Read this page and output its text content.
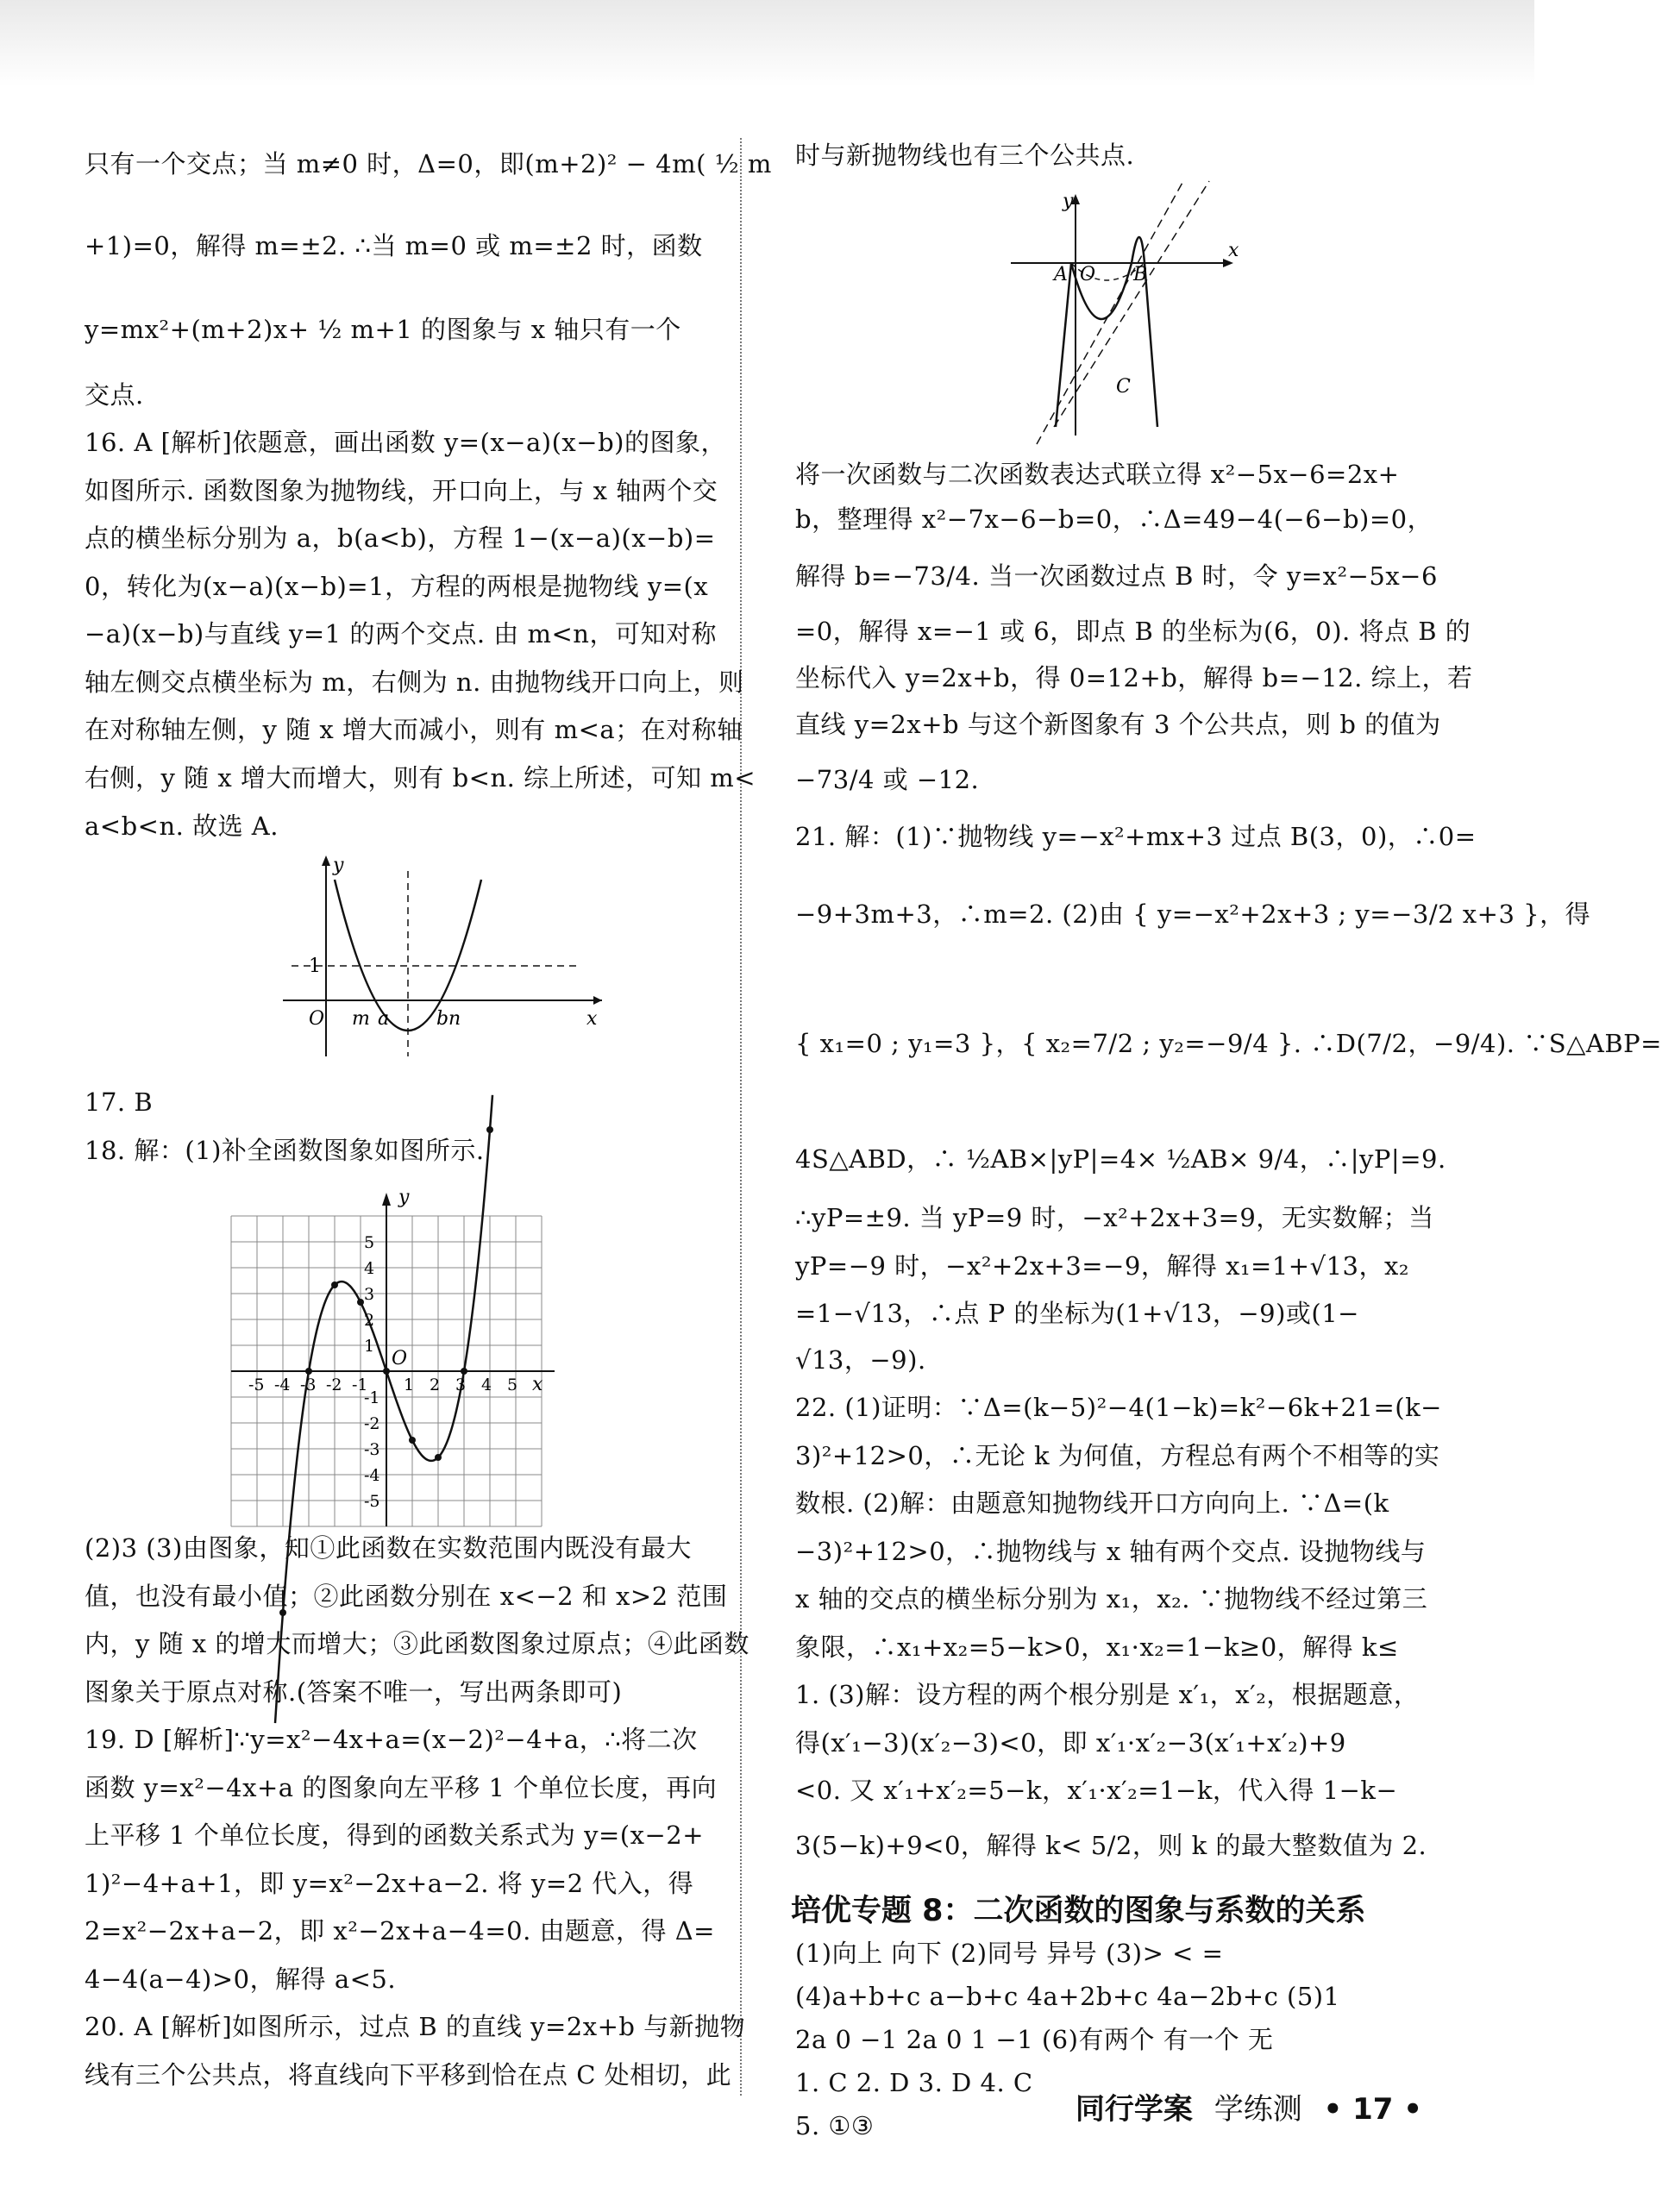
只有一个交点；当 m≠0 时，Δ=0，即(m+2)² − 4m( ½ m
+1)=0，解得 m=±2. ∴当 m=0 或 m=±2 时，函数
y=mx²+(m+2)x+ ½ m+1 的图象与 x 轴只有一个
交点.
16. A [解析]依题意，画出函数 y=(x−a)(x−b)的图象，
如图所示. 函数图象为抛物线，开口向上，与 x 轴两个交
点的横坐标分别为 a，b(a<b)，方程 1−(x−a)(x−b)=
0，转化为(x−a)(x−b)=1，方程的两根是抛物线 y=(x
−a)(x−b)与直线 y=1 的两个交点. 由 m<n，可知对称
轴左侧交点横坐标为 m，右侧为 n. 由抛物线开口向上，则
在对称轴左侧，y 随 x 增大而减小，则有 m<a；在对称轴
右侧，y 随 x 增大而增大，则有 b<n. 综上所述，可知 m<
a<b<n. 故选 A.
y
x
1
O m a b n
17. B
18. 解：(1)补全函数图象如图所示.
-5 -4 -3 -2 -1 1 2 3 4 5
5
4
3
2
1
-1
-2
-3
-4
-5
O
y
x
(2)3 (3)由图象，知①此函数在实数范围内既没有最大
值，也没有最小值；②此函数分别在 x<−2 和 x>2 范围
内，y 随 x 的增大而增大；③此函数图象过原点；④此函数
图象关于原点对称.(答案不唯一，写出两条即可)
19. D [解析]∵y=x²−4x+a=(x−2)²−4+a，∴将二次
函数 y=x²−4x+a 的图象向左平移 1 个单位长度，再向
上平移 1 个单位长度，得到的函数关系式为 y=(x−2+
1)²−4+a+1，即 y=x²−2x+a−2. 将 y=2 代入，得
2=x²−2x+a−2，即 x²−2x+a−4=0. 由题意，得 Δ=
4−4(a−4)>0，解得 a<5.
20. A [解析]如图所示，过点 B 的直线 y=2x+b 与新抛物
线有三个公共点，将直线向下平移到恰在点 C 处相切，此
时与新抛物线也有三个公共点.
y
x
A O B
C
将一次函数与二次函数表达式联立得 x²−5x−6=2x+
b，整理得 x²−7x−6−b=0，∴Δ=49−4(−6−b)=0，
解得 b=−73/4. 当一次函数过点 B 时，令 y=x²−5x−6
=0，解得 x=−1 或 6，即点 B 的坐标为(6，0). 将点 B 的
坐标代入 y=2x+b，得 0=12+b，解得 b=−12. 综上，若
直线 y=2x+b 与这个新图象有 3 个公共点，则 b 的值为
−73/4 或 −12.
21. 解：(1)∵抛物线 y=−x²+mx+3 过点 B(3，0)，∴0=
−9+3m+3，∴m=2. (2)由 { y=−x²+2x+3 ; y=−3/2 x+3 }，得
{ x₁=0 ; y₁=3 }，{ x₂=7/2 ; y₂=−9/4 }. ∴D(7/2，−9/4). ∵S△ABP=
4S△ABD，∴ ½AB×|yP|=4× ½AB× 9/4，∴|yP|=9.
∴yP=±9. 当 yP=9 时，−x²+2x+3=9，无实数解；当
yP=−9 时，−x²+2x+3=−9，解得 x₁=1+√13，x₂
=1−√13，∴点 P 的坐标为(1+√13，−9)或(1−
√13，−9).
22. (1)证明：∵Δ=(k−5)²−4(1−k)=k²−6k+21=(k−
3)²+12>0，∴无论 k 为何值，方程总有两个不相等的实
数根. (2)解：由题意知抛物线开口方向向上. ∵Δ=(k
−3)²+12>0，∴抛物线与 x 轴有两个交点. 设抛物线与
x 轴的交点的横坐标分别为 x₁，x₂. ∵抛物线不经过第三
象限，∴x₁+x₂=5−k>0，x₁·x₂=1−k≥0，解得 k≤
1. (3)解：设方程的两个根分别是 x′₁，x′₂，根据题意，
得(x′₁−3)(x′₂−3)<0，即 x′₁·x′₂−3(x′₁+x′₂)+9
<0. 又 x′₁+x′₂=5−k，x′₁·x′₂=1−k，代入得 1−k−
3(5−k)+9<0，解得 k< 5/2，则 k 的最大整数值为 2.
培优专题 8：二次函数的图象与系数的关系
(1)向上 向下 (2)同号 异号 (3)> < =
(4)a+b+c a−b+c 4a+2b+c 4a−2b+c (5)1
2a 0 −1 2a 0 1 −1 (6)有两个 有一个 无
1. C 2. D 3. D 4. C
5. ①③	同行学案 学练测 • 17 •
